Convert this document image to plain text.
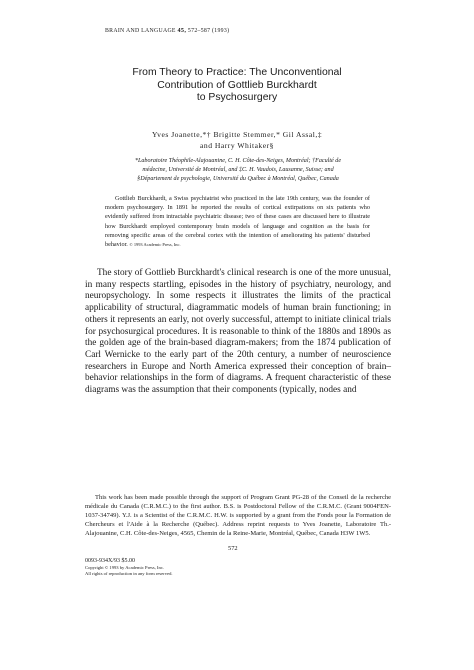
BRAIN AND LANGUAGE 45, 572–587 (1993)
From Theory to Practice: The Unconventional
Contribution of Gottlieb Burckhardt
to Psychosurgery
Yves Joanette,*† Brigitte Stemmer,* Gil Assal,‡
and Harry Whitaker§
*Laboratoire Théophile-Alajouanine, C. H. Côte-des-Neiges, Montréal; †Faculté de
médecine, Université de Montréal, and ‡C. H. Vaudois, Lausanne, Suisse; and
§Département de psychologie, Université du Québec à Montréal, Québec, Canada

Gottlieb Burckhardt, a Swiss psychiatrist who practiced in the late 19th century, was the founder of modern psychosurgery. In 1891 he reported the results of cortical extirpations on six patients who evidently suffered from intractable psychiatric disease; two of these cases are discussed here to illustrate how Burckhardt employed contemporary brain models of language and cognition as the basis for removing specific areas of the cerebral cortex with the intention of ameliorating his patients' disturbed behavior. © 1993 Academic Press, Inc.

The story of Gottlieb Burckhardt's clinical research is one of the more unusual, in many respects startling, episodes in the history of psychiatry, neurology, and neuropsychology. In some respects it illustrates the limits of the practical applicability of structural, diagrammatic models of human brain functioning; in others it represents an early, not overly successful, attempt to initiate clinical trials for psychosurgical procedures. It is reasonable to think of the 1880s and 1890s as the golden age of the brain-based diagram-makers; from the 1874 publication of Carl Wernicke to the early part of the 20th century, a number of neuroscience researchers in Europe and North America expressed their conception of brain–behavior relationships in the form of diagrams. A frequent characteristic of these diagrams was the assumption that their components (typically, nodes and

This work has been made possible through the support of Program Grant PG-28 of the Conseil de la recherche médicale du Canada (C.R.M.C.) to the first author. B.S. is Postdoctoral Fellow of the C.R.M.C. (Grant 9004FEN-1037-34749). Y.J. is a Scientist of the C.R.M.C. H.W. is supported by a grant from the Fonds pour la Formation de Chercheurs et l'Aide à la Recherche (Québec). Address reprint requests to Yves Joanette, Laboratoire Th.-Alajouanine, C.H. Côte-des-Neiges, 4565, Chemin de la Reine-Marie, Montréal, Québec, Canada H3W 1W5.

572
0093-934X/93 $5.00
Copyright © 1993 by Academic Press, Inc.
All rights of reproduction in any form reserved.
